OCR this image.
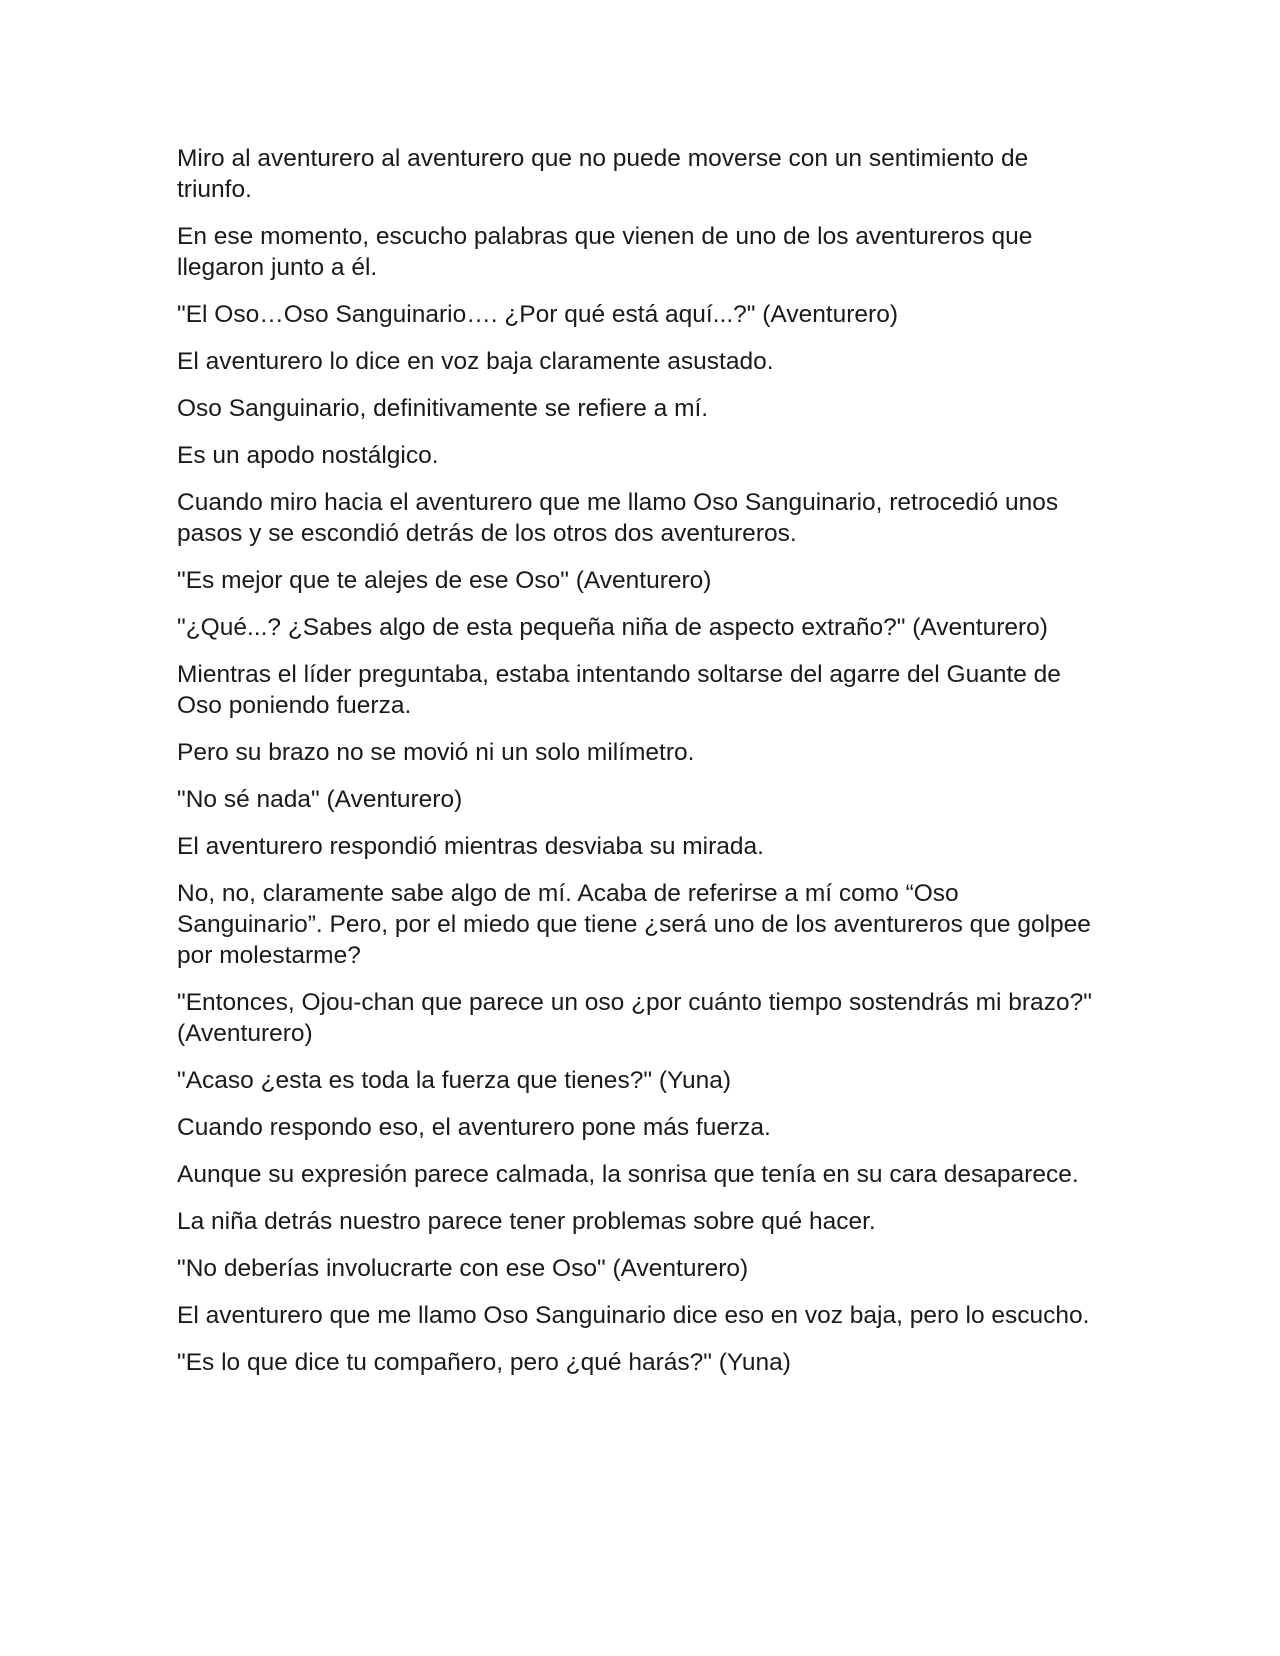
Miro al aventurero al aventurero que no puede moverse con un sentimiento de triunfo.

En ese momento, escucho palabras que vienen de uno de los aventureros que llegaron junto a él.

"El Oso…Oso Sanguinario…. ¿Por qué está aquí...?" (Aventurero)

El aventurero lo dice en voz baja claramente asustado.

Oso Sanguinario, definitivamente se refiere a mí.

Es un apodo nostálgico.

Cuando miro hacia el aventurero que me llamo Oso Sanguinario, retrocedió unos pasos y se escondió detrás de los otros dos aventureros.

"Es mejor que te alejes de ese Oso" (Aventurero)

"¿Qué...? ¿Sabes algo de esta pequeña niña de aspecto extraño?" (Aventurero)

Mientras el líder preguntaba, estaba intentando soltarse del agarre del Guante de Oso poniendo fuerza.

Pero su brazo no se movió ni un solo milímetro.

"No sé nada" (Aventurero)

El aventurero respondió mientras desviaba su mirada.

No, no, claramente sabe algo de mí. Acaba de referirse a mí como “Oso Sanguinario”. Pero, por el miedo que tiene ¿será uno de los aventureros que golpee por molestarme?

"Entonces, Ojou-chan que parece un oso ¿por cuánto tiempo sostendrás mi brazo?" (Aventurero)

"Acaso ¿esta es toda la fuerza que tienes?" (Yuna)

Cuando respondo eso, el aventurero pone más fuerza.

Aunque su expresión parece calmada, la sonrisa que tenía en su cara desaparece.

La niña detrás nuestro parece tener problemas sobre qué hacer.

"No deberías involucrarte con ese Oso" (Aventurero)

El aventurero que me llamo Oso Sanguinario dice eso en voz baja, pero lo escucho.

"Es lo que dice tu compañero, pero ¿qué harás?" (Yuna)
